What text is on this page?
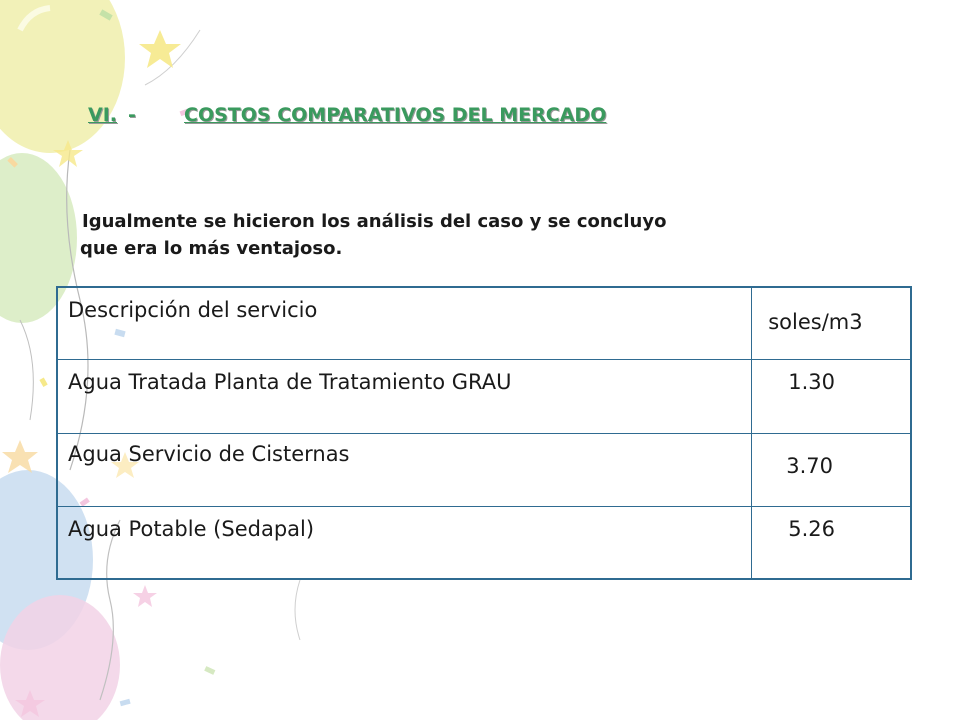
VI. -	COSTOS COMPARATIVOS DEL MERCADO
Igualmente se hicieron los análisis del caso y se concluyo
que era lo más ventajoso.
Descripción del servicio	soles/m3

Agua Tratada Planta de Tratamiento GRAU	1.30

Agua Servicio de Cisternas	3.70

Agua Potable (Sedapal)	5.26
